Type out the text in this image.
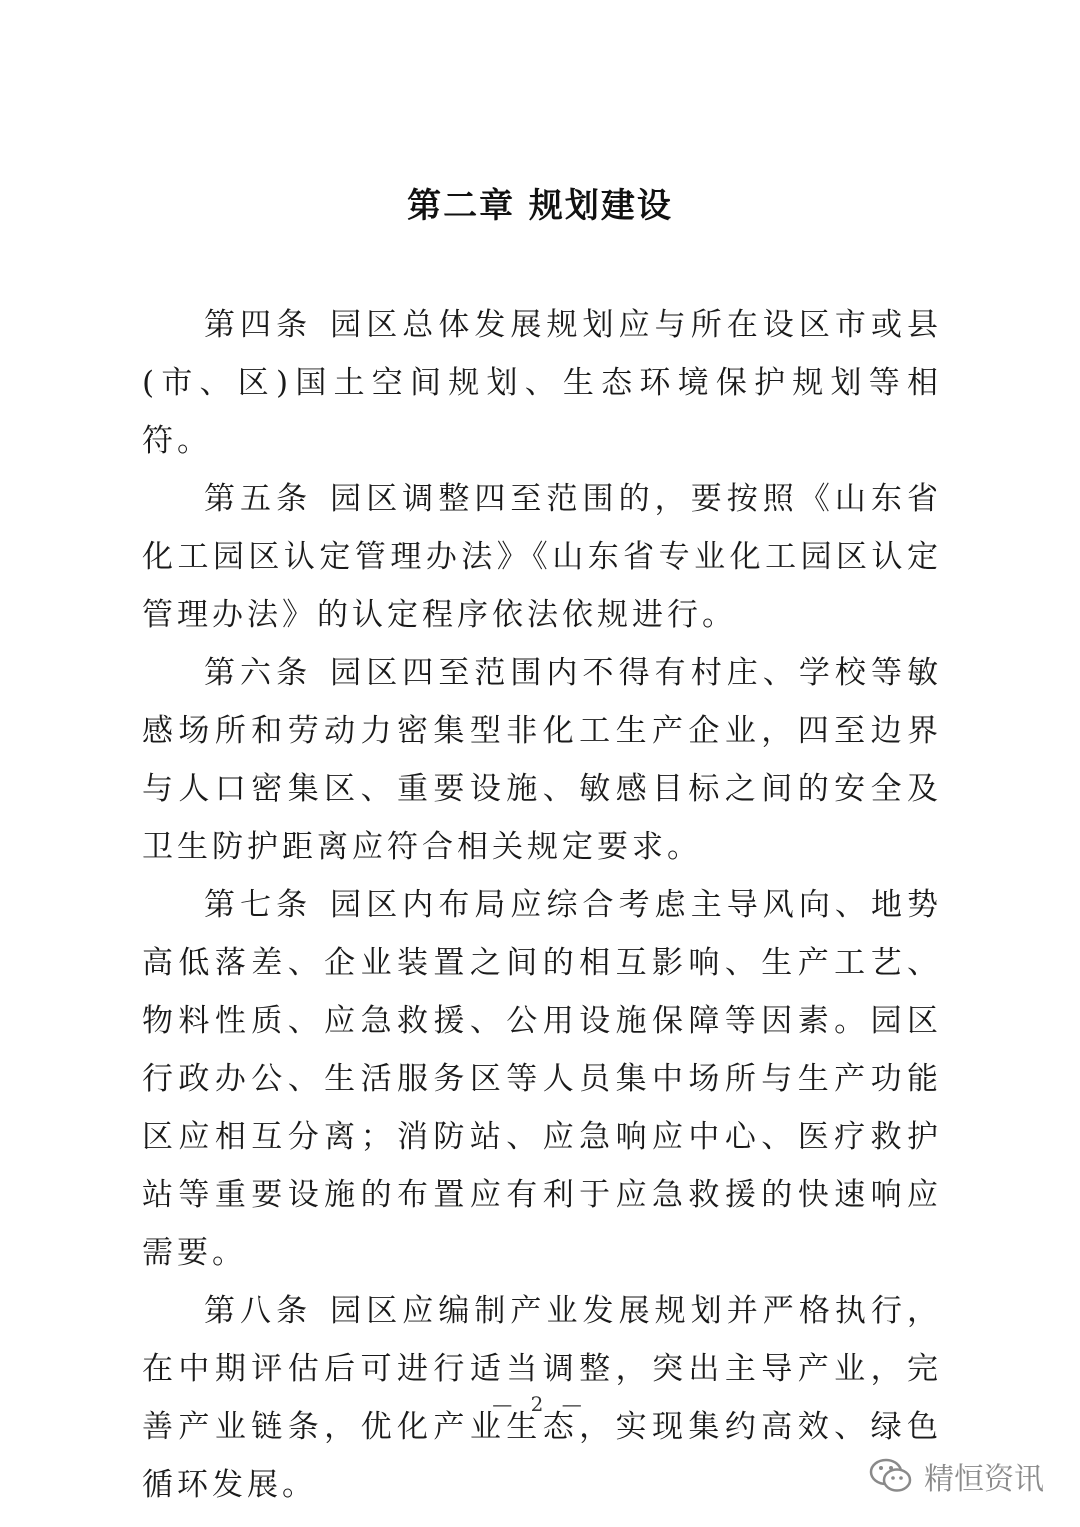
第二章 规划建设

第四条 园区总体发展规划应与所在设区市或县(市、区)国土空间规划、生态环境保护规划等相符。

第五条 园区调整四至范围的，要按照《山东省化工园区认定管理办法》《山东省专业化工园区认定管理办法》的认定程序依法依规进行。

第六条 园区四至范围内不得有村庄、学校等敏感场所和劳动力密集型非化工生产企业，四至边界与人口密集区、重要设施、敏感目标之间的安全及卫生防护距离应符合相关规定要求。

第七条 园区内布局应综合考虑主导风向、地势高低落差、企业装置之间的相互影响、生产工艺、物料性质、应急救援、公用设施保障等因素。园区行政办公、生活服务区等人员集中场所与生产功能区应相互分离；消防站、应急响应中心、医疗救护站等重要设施的布置应有利于应急救援的快速响应需要。

第八条 园区应编制产业发展规划并严格执行，在中期评估后可进行适当调整，突出主导产业，完善产业链条，优化产业生态，实现集约高效、绿色循环发展。

— 2 —
精恒资讯
